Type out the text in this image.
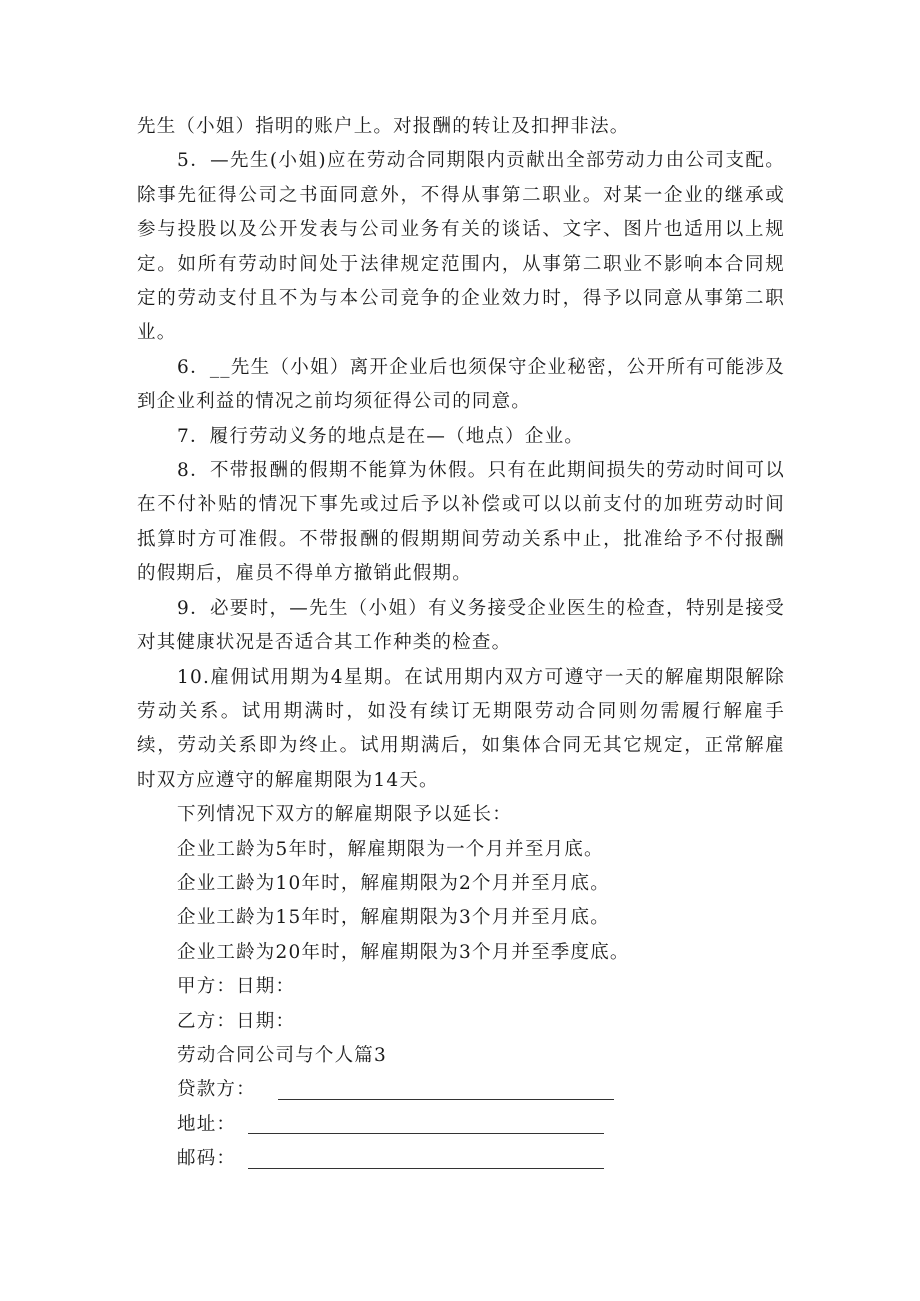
先生（小姐）指明的账户上。对报酬的转让及扣押非法。

5．—先生(小姐)应在劳动合同期限内贡献出全部劳动力由公司支配。除事先征得公司之书面同意外，不得从事第二职业。对某一企业的继承或参与投股以及公开发表与公司业务有关的谈话、文字、图片也适用以上规定。如所有劳动时间处于法律规定范围内，从事第二职业不影响本合同规定的劳动支付且不为与本公司竞争的企业效力时，得予以同意从事第二职业。

6．__先生（小姐）离开企业后也须保守企业秘密，公开所有可能涉及到企业利益的情况之前均须征得公司的同意。

7．履行劳动义务的地点是在—（地点）企业。

8．不带报酬的假期不能算为休假。只有在此期间损失的劳动时间可以在不付补贴的情况下事先或过后予以补偿或可以以前支付的加班劳动时间抵算时方可准假。不带报酬的假期期间劳动关系中止，批准给予不付报酬的假期后，雇员不得单方撤销此假期。

9．必要时，—先生（小姐）有义务接受企业医生的检查，特别是接受对其健康状况是否适合其工作种类的检查。

10.雇佣试用期为4星期。在试用期内双方可遵守一天的解雇期限解除劳动关系。试用期满时，如没有续订无期限劳动合同则勿需履行解雇手续，劳动关系即为终止。试用期满后，如集体合同无其它规定，正常解雇时双方应遵守的解雇期限为14天。

下列情况下双方的解雇期限予以延长：

企业工龄为5年时，解雇期限为一个月并至月底。

企业工龄为10年时，解雇期限为2个月并至月底。

企业工龄为15年时，解雇期限为3个月并至月底。

企业工龄为20年时，解雇期限为3个月并至季度底。

甲方：日期：

乙方：日期：

劳动合同公司与个人篇3

贷款方：
地址：
邮码：
